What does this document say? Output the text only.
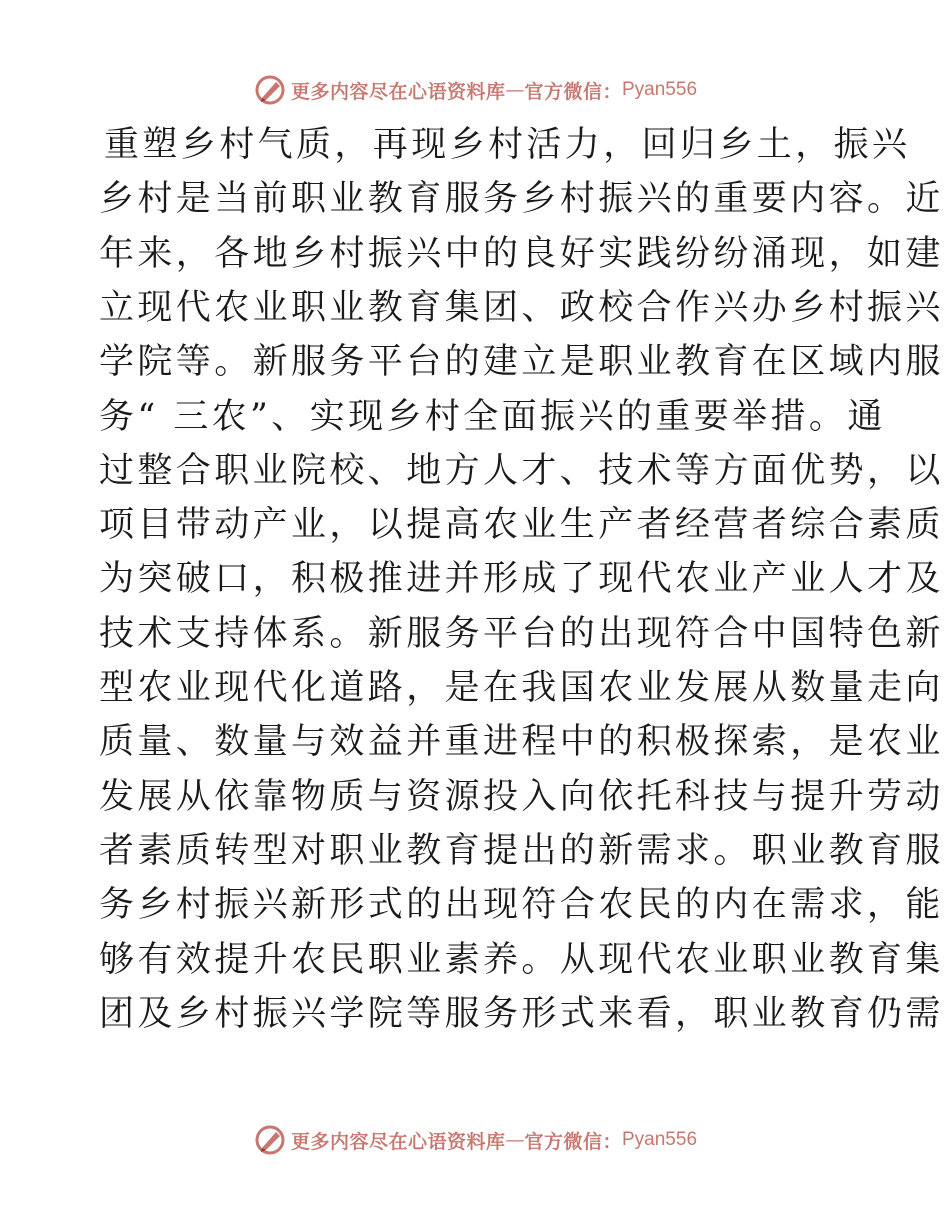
更多内容尽在心语资料库 — 官方微信： Pyan556
重塑乡村气质，再现乡村活力，回归乡土，振兴
乡村是当前职业教育服务乡村振兴的重要内容。近
年来，各地乡村振兴中的良好实践纷纷涌现，如建
立现代农业职业教育集团、政校合作兴办乡村振兴
学院等。新服务平台的建立是职业教育在区域内服
务“ 三农”、实现乡村全面振兴的重要举措。通
过整合职业院校、地方人才、技术等方面优势，以
项目带动产业，以提高农业生产者经营者综合素质
为突破口，积极推进并形成了现代农业产业人才及
技术支持体系。新服务平台的出现符合中国特色新
型农业现代化道路，是在我国农业发展从数量走向
质量、数量与效益并重进程中的积极探索，是农业
发展从依靠物质与资源投入向依托科技与提升劳动
者素质转型对职业教育提出的新需求。职业教育服
务乡村振兴新形式的出现符合农民的内在需求，能
够有效提升农民职业素养。从现代农业职业教育集
团及乡村振兴学院等服务形式来看，职业教育仍需
更多内容尽在心语资料库 — 官方微信： Pyan556
